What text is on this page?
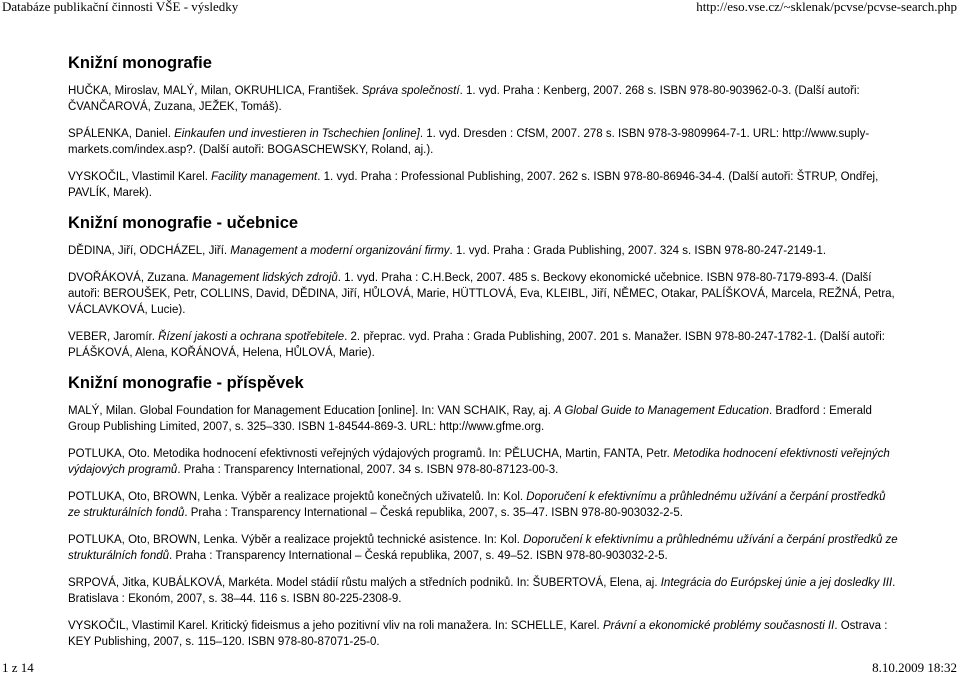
Databáze publikační činnosti VŠE - výsledky	http://eso.vse.cz/~sklenak/pcvse/pcvse-search.php
Knižní monografie
HUČKA, Miroslav, MALÝ, Milan, OKRUHLICA, František. Správa společností. 1. vyd. Praha : Kenberg, 2007. 268 s. ISBN 978-80-903962-0-3. (Další autoři: ČVANČAROVÁ, Zuzana, JEŽEK, Tomáš).
SPÁLENKA, Daniel. Einkaufen und investieren in Tschechien [online]. 1. vyd. Dresden : CfSM, 2007. 278 s. ISBN 978-3-9809964-7-1. URL: http://www.suply-markets.com/index.asp?. (Další autoři: BOGASCHEWSKY, Roland, aj.).
VYSKOČIL, Vlastimil Karel. Facility management. 1. vyd. Praha : Professional Publishing, 2007. 262 s. ISBN 978-80-86946-34-4. (Další autoři: ŠTRUP, Ondřej, PAVLÍK, Marek).
Knižní monografie - učebnice
DĚDINA, Jiří, ODCHÁZEL, Jiří. Management a moderní organizování firmy. 1. vyd. Praha : Grada Publishing, 2007. 324 s. ISBN 978-80-247-2149-1.
DVOŘÁKOVÁ, Zuzana. Management lidských zdrojů. 1. vyd. Praha : C.H.Beck, 2007. 485 s. Beckovy ekonomické učebnice. ISBN 978-80-7179-893-4. (Další autoři: BEROUŠEK, Petr, COLLINS, David, DĚDINA, Jiří, HŮLOVÁ, Marie, HÜTTLOVÁ, Eva, KLEIBL, Jiří, NĚMEC, Otakar, PALÍŠKOVÁ, Marcela, REŽNÁ, Petra, VÁCLAVKOVÁ, Lucie).
VEBER, Jaromír. Řízení jakosti a ochrana spotřebitele. 2. přeprac. vyd. Praha : Grada Publishing, 2007. 201 s. Manažer. ISBN 978-80-247-1782-1. (Další autoři: PLÁŠKOVÁ, Alena, KOŘÁNOVÁ, Helena, HŮLOVÁ, Marie).
Knižní monografie - příspěvek
MALÝ, Milan. Global Foundation for Management Education [online]. In: VAN SCHAIK, Ray, aj. A Global Guide to Management Education. Bradford : Emerald Group Publishing Limited, 2007, s. 325–330. ISBN 1-84544-869-3. URL: http://www.gfme.org.
POTLUKA, Oto. Metodika hodnocení efektivnosti veřejných výdajových programů. In: PĚLUCHA, Martin, FANTA, Petr. Metodika hodnocení efektivnosti veřejných výdajových programů. Praha : Transparency International, 2007. 34 s. ISBN 978-80-87123-00-3.
POTLUKA, Oto, BROWN, Lenka. Výběr a realizace projektů konečných uživatelů. In: Kol. Doporučení k efektivnímu a průhlednému užívání a čerpání prostředků ze strukturálních fondů. Praha : Transparency International – Česká republika, 2007, s. 35–47. ISBN 978-80-903032-2-5.
POTLUKA, Oto, BROWN, Lenka. Výběr a realizace projektů technické asistence. In: Kol. Doporučení k efektivnímu a průhlednému užívání a čerpání prostředků ze strukturálních fondů. Praha : Transparency International – Česká republika, 2007, s. 49–52. ISBN 978-80-903032-2-5.
SRPOVÁ, Jitka, KUBÁLKOVÁ, Markéta. Model stádií růstu malých a středních podniků. In: ŠUBERTOVÁ, Elena, aj. Integrácia do Európskej únie a jej dosledky III. Bratislava : Ekonóm, 2007, s. 38–44. 116 s. ISBN 80-225-2308-9.
VYSKOČIL, Vlastimil Karel. Kritický fideismus a jeho pozitivní vliv na roli manažera. In: SCHELLE, Karel. Právní a ekonomické problémy současnosti II. Ostrava : KEY Publishing, 2007, s. 115–120. ISBN 978-80-87071-25-0.
1 z 14	8.10.2009 18:32
